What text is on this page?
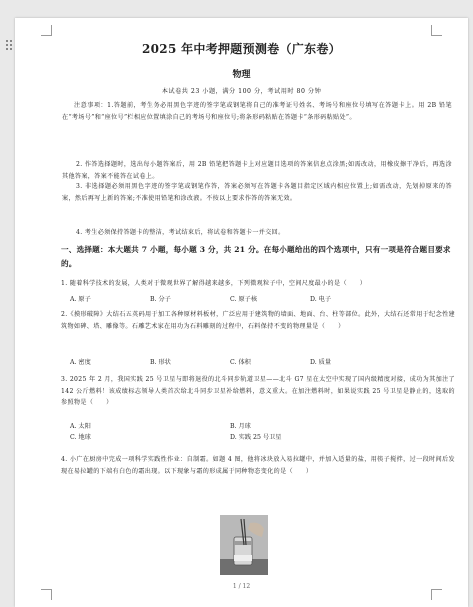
2025 年中考押题预测卷（广东卷）
物理
本试卷共 23 小题，满分 100 分，考试用时 80 分钟

注意事项：1.答题前，考生务必用黑色字迹的签字笔或钢笔将自己的准考证号姓名、考场号和座位号填写在答题卡上。用 2B 铅笔在“考场号”和“座位号”栏相应位置填涂自己的考场号和座位号;将条形码粘贴在答题卡“条形码粘贴处”。

2. 作答选择题时，选出每小题答案后，用 2B 铅笔把答题卡上对应题目选项的答案信息点涂黑;如需改动，用橡皮擦干净后，再选涂其他答案，答案不能答在试卷上。

3. 非选择题必须用黑色字迹的签字笔或钢笔作答，答案必须写在答题卡各题目指定区域内相应位置上;如需改动，先划掉原来的答案，然后再写上新的答案;不准使用铅笔和涂改液。不按以上要求作答的答案无效。

4. 考生必须保持答题卡的整洁，考试结束后，将试卷和答题卡一并交回。

一、选择题：本大题共 7 小题，每小题 3 分，共 21 分。在每小题给出的四个选项中，只有一项是符合题目要求的。

1. 随着科学技术的发展，人类对于微观世界了解得越来越多，下列微观粒子中，空间尺度最小的是（　　）

A. 原子	B. 分子	C. 原子核	D. 电子

2.《摸形破障》大结石五英码用于加工各种原材料板材，广泛应用于建筑物的墙面、地面、台、柱等部位。此外，大结石还常用于纪念性建筑物如碑、塔、雕像等。石雕艺术家在用功为石料雕刻的过程中，石料保持不变的物理量是（　　）

A. 密度	B. 形状	C. 体积	D. 质量

3. 2025 年 2 月，我国实践 25 号卫星与即将退役的北斗同步轨道卫星——北斗 G7 星在太空中实现了国内级精度对接，成功为其加注了 142 公斤燃料！该成绩标志领导人类首次给北斗同步卫星补给燃料，意义重大。在加注燃料时，如果说实践 25 号卫星是静止的，选取的参照物是（　　）

A. 太阳	B. 月球
C. 地球	D. 实践 25 号卫星

4. 小广在厨房中完成一项科学实践性作业：自制霜。如题 4 图，他将冰块放入易拉罐中，并加入适量的盐，用筷子搅拌，过一段时间后发现在易拉罐的下端有白色的霜出现。以下现象与霜的形成属于同种物态变化的是（　　）

1 / 12
